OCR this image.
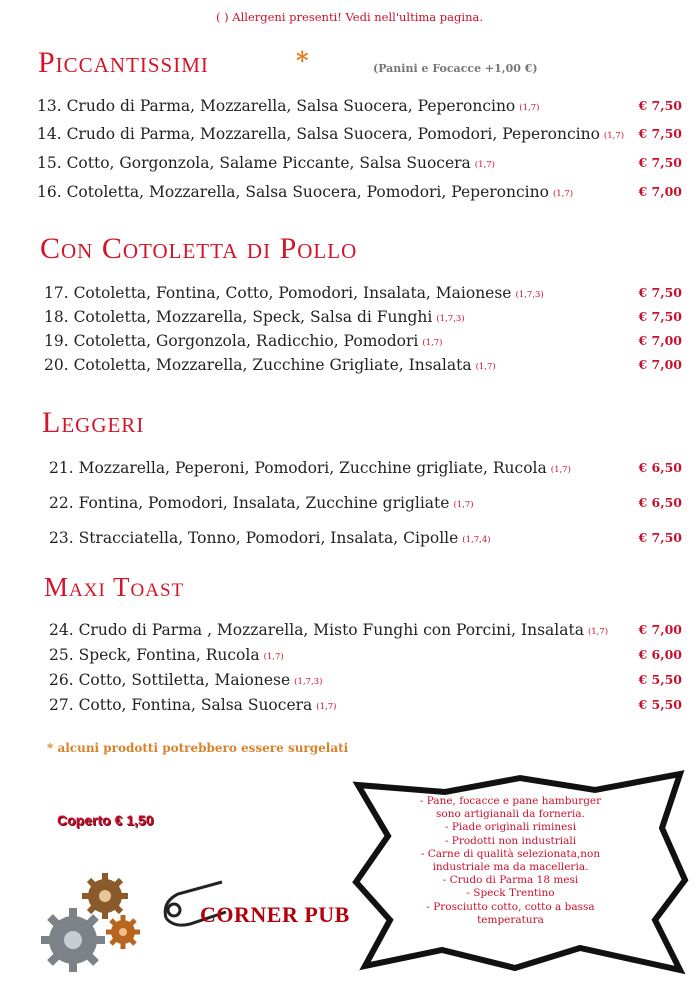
( ) Allergeni presenti! Vedi nell'ultima pagina.
Piccantissimi	*	(Panini e Focacce +1,00 €)
13. Crudo di Parma, Mozzarella, Salsa Suocera, Peperoncino (1,7)	€ 7,50
14. Crudo di Parma, Mozzarella, Salsa Suocera, Pomodori, Peperoncino (1,7) € 7,50
15. Cotto, Gorgonzola, Salame Piccante, Salsa Suocera (1,7)	€ 7,50
16. Cotoletta, Mozzarella, Salsa Suocera, Pomodori, Peperoncino (1,7)	€ 7,00
Con Cotoletta di Pollo
17. Cotoletta, Fontina, Cotto, Pomodori, Insalata, Maionese (1,7,3)	€ 7,50
18. Cotoletta, Mozzarella, Speck, Salsa di Funghi (1,7,3)	€ 7,50
19. Cotoletta, Gorgonzola, Radicchio, Pomodori (1,7)	€ 7,00
20. Cotoletta, Mozzarella, Zucchine Grigliate, Insalata (1,7)	€ 7,00
Leggeri
21. Mozzarella, Peperoni, Pomodori, Zucchine grigliate, Rucola (1,7)	€ 6,50
22. Fontina, Pomodori, Insalata, Zucchine grigliate (1,7)	€ 6,50
23. Stracciatella, Tonno, Pomodori, Insalata, Cipolle (1,7,4)	€ 7,50
Maxi Toast
24. Crudo di Parma , Mozzarella, Misto Funghi con Porcini, Insalata (1,7) € 7,00
25. Speck, Fontina, Rucola (1,7)	€ 6,00
26. Cotto, Sottiletta, Maionese (1,7,3)	€ 5,50
27. Cotto, Fontina, Salsa Suocera (1,7)	€ 5,50
* alcuni prodotti potrebbero essere surgelati
Coperto € 1,50
- Pane, focacce e pane hamburger
sono artigianali da forneria.
- Piade originali riminesi
- Prodotti non industriali
- Carne di qualità selezionata,non
industriale ma da macelleria.
- Crudo di Parma 18 mesi
- Speck Trentino
- Prosciutto cotto, cotto a bassa
temperatura
CORNER PUB
